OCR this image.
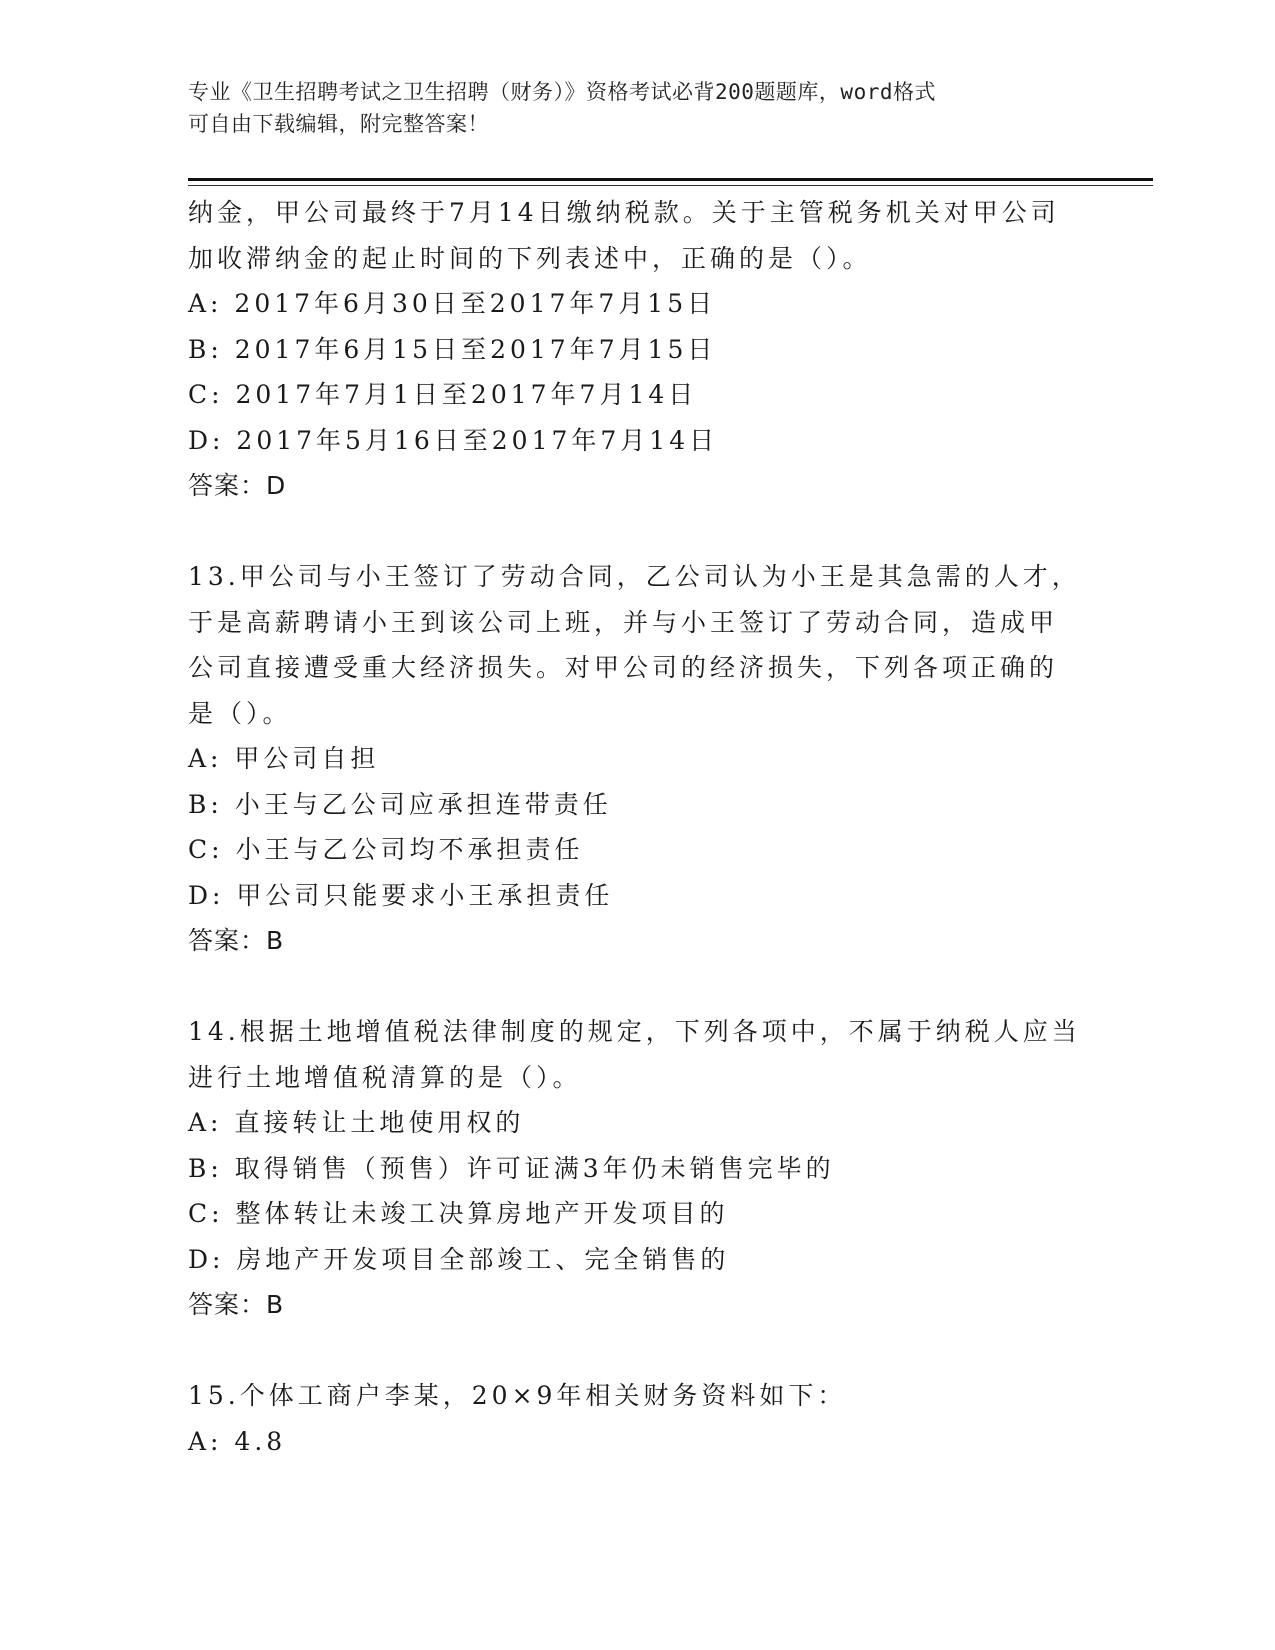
专业《卫生招聘考试之卫生招聘（财务）》资格考试必背200题题库，word格式
可自由下载编辑，附完整答案！
纳金，甲公司最终于7月14日缴纳税款。关于主管税务机关对甲公司
加收滞纳金的起止时间的下列表述中，正确的是（）。
A: 2017年6月30日至2017年7月15日
B: 2017年6月15日至2017年7月15日
C: 2017年7月1日至2017年7月14日
D: 2017年5月16日至2017年7月14日
答案：D
13.甲公司与小王签订了劳动合同，乙公司认为小王是其急需的人才，
于是高薪聘请小王到该公司上班，并与小王签订了劳动合同，造成甲
公司直接遭受重大经济损失。对甲公司的经济损失，下列各项正确的
是（）。
A: 甲公司自担
B: 小王与乙公司应承担连带责任
C: 小王与乙公司均不承担责任
D: 甲公司只能要求小王承担责任
答案：B
14.根据土地增值税法律制度的规定，下列各项中，不属于纳税人应当
进行土地增值税清算的是（）。
A: 直接转让土地使用权的
B: 取得销售（预售）许可证满3年仍未销售完毕的
C: 整体转让未竣工决算房地产开发项目的
D: 房地产开发项目全部竣工、完全销售的
答案：B
15.个体工商户李某，20×9年相关财务资料如下：
A: 4.8
